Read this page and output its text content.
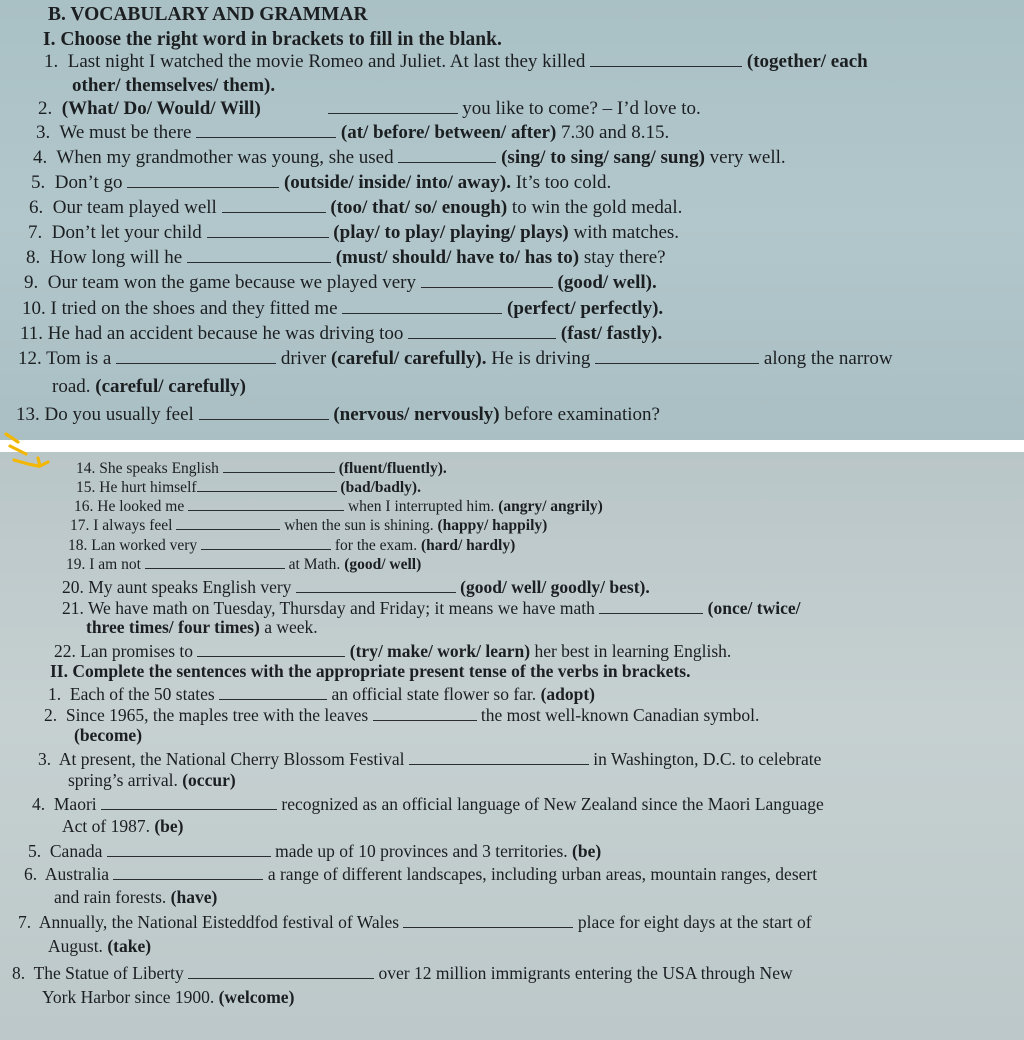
B. VOCABULARY AND GRAMMAR
I. Choose the right word in brackets to fill in the blank.
1. Last night I watched the movie Romeo and Juliet. At last they killed	(together/ each
other/ themselves/ them).
2. (What/ Do/ Would/ Will)	you like to come? – I’d love to.
3. We must be there	(at/ before/ between/ after) 7.30 and 8.15.
4. When my grandmother was young, she used	(sing/ to sing/ sang/ sung) very well.
5. Don’t go	(outside/ inside/ into/ away). It’s too cold.
6. Our team played well	(too/ that/ so/ enough) to win the gold medal.
7. Don’t let your child	(play/ to play/ playing/ plays) with matches.
8. How long will he	(must/ should/ have to/ has to) stay there?
9. Our team won the game because we played very	(good/ well).
10. I tried on the shoes and they fitted me	(perfect/ perfectly).
11. He had an accident because he was driving too	(fast/ fastly).
12. Tom is a	driver (careful/ carefully). He is driving	along the narrow
road. (careful/ carefully)
13. Do you usually feel	(nervous/ nervously) before examination?
14. She speaks English	(fluent/fluently).
15. He hurt himself	(bad/badly).
16. He looked me	when I interrupted him. (angry/ angrily)
17. I always feel	when the sun is shining. (happy/ happily)
18. Lan worked very	for the exam. (hard/ hardly)
19. I am not	at Math. (good/ well)
20. My aunt speaks English very	(good/ well/ goodly/ best).
21. We have math on Tuesday, Thursday and Friday; it means we have math	(once/ twice/
three times/ four times) a week.
22. Lan promises to	(try/ make/ work/ learn) her best in learning English.
II. Complete the sentences with the appropriate present tense of the verbs in brackets.
1. Each of the 50 states	an official state flower so far. (adopt)
2. Since 1965, the maples tree with the leaves	the most well-known Canadian symbol.
(become)
3. At present, the National Cherry Blossom Festival	in Washington, D.C. to celebrate
spring’s arrival. (occur)
4. Maori	recognized as an official language of New Zealand since the Maori Language
Act of 1987. (be)
5. Canada	made up of 10 provinces and 3 territories. (be)
6. Australia	a range of different landscapes, including urban areas, mountain ranges, desert
and rain forests. (have)
7. Annually, the National Eisteddfod festival of Wales	place for eight days at the start of
August. (take)
8. The Statue of Liberty	over 12 million immigrants entering the USA through New
York Harbor since 1900. (welcome)
